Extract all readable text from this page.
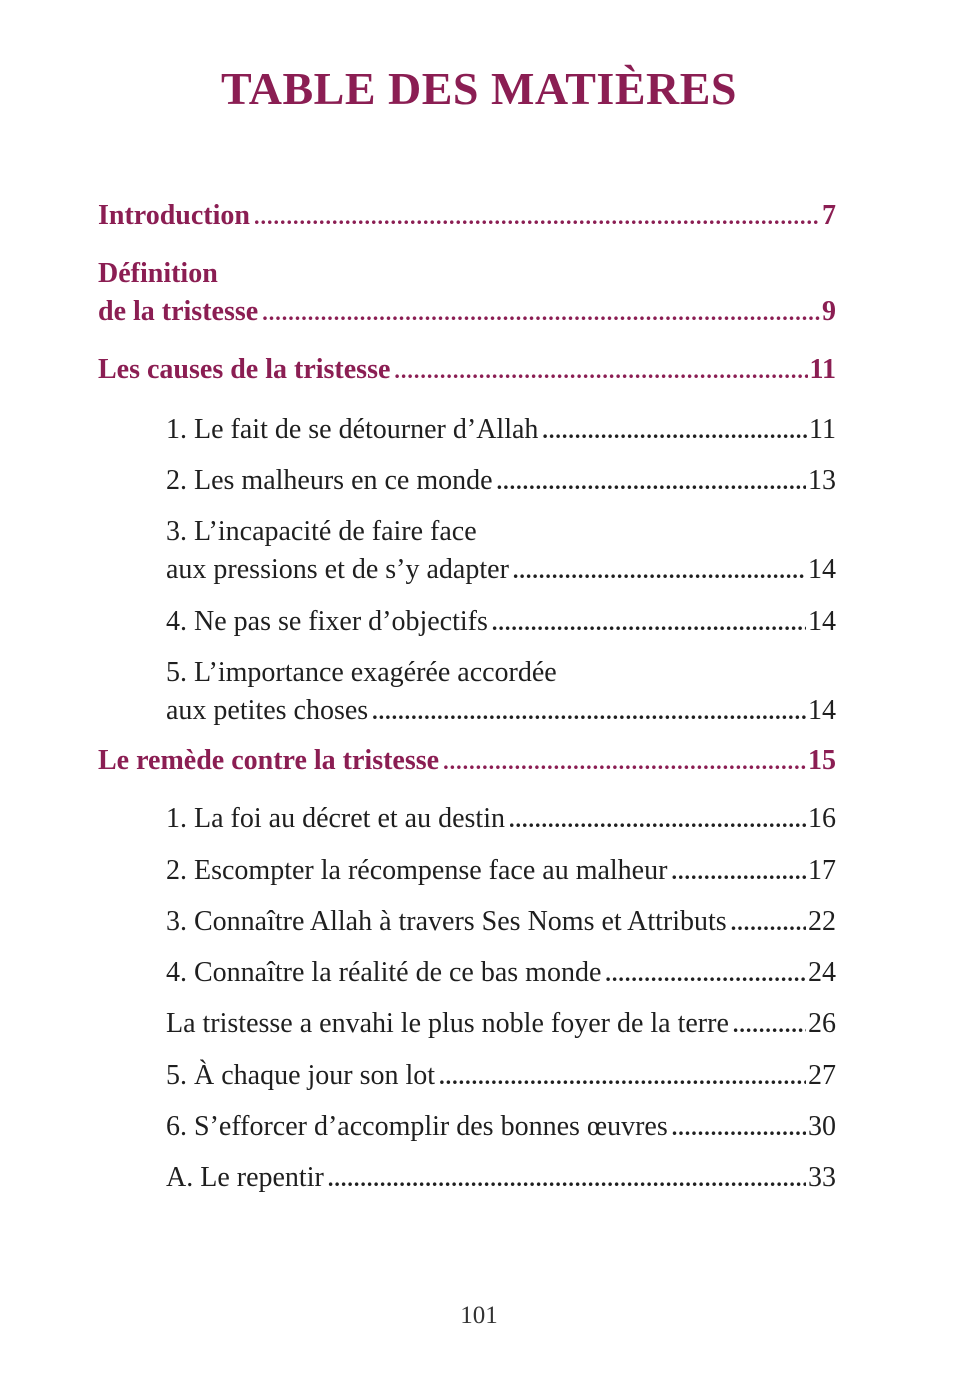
TABLE DES MATIÈRES
Introduction .....	7
Définition
de la tristesse .....	9
Les causes de la tristesse .....	11
1. Le fait de se détourner d’Allah .....	11
2. Les malheurs en ce monde .....	13
3. L’incapacité de faire face
aux pressions et de s’y adapter .....	14
4. Ne pas se fixer d’objectifs .....	14
5. L’importance exagérée accordée
aux petites choses .....	14
Le remède contre la tristesse .....	15
1. La foi au décret et au destin .....	16
2. Escompter la récompense face au malheur .....	17
3. Connaître Allah à travers Ses Noms et Attributs .....	22
4. Connaître la réalité de ce bas monde .....	24
La tristesse a envahi le plus noble foyer de la terre .....	26
5. À chaque jour son lot .....	27
6. S’efforcer d’accomplir des bonnes œuvres .....	30
A. Le repentir .....	33
101
